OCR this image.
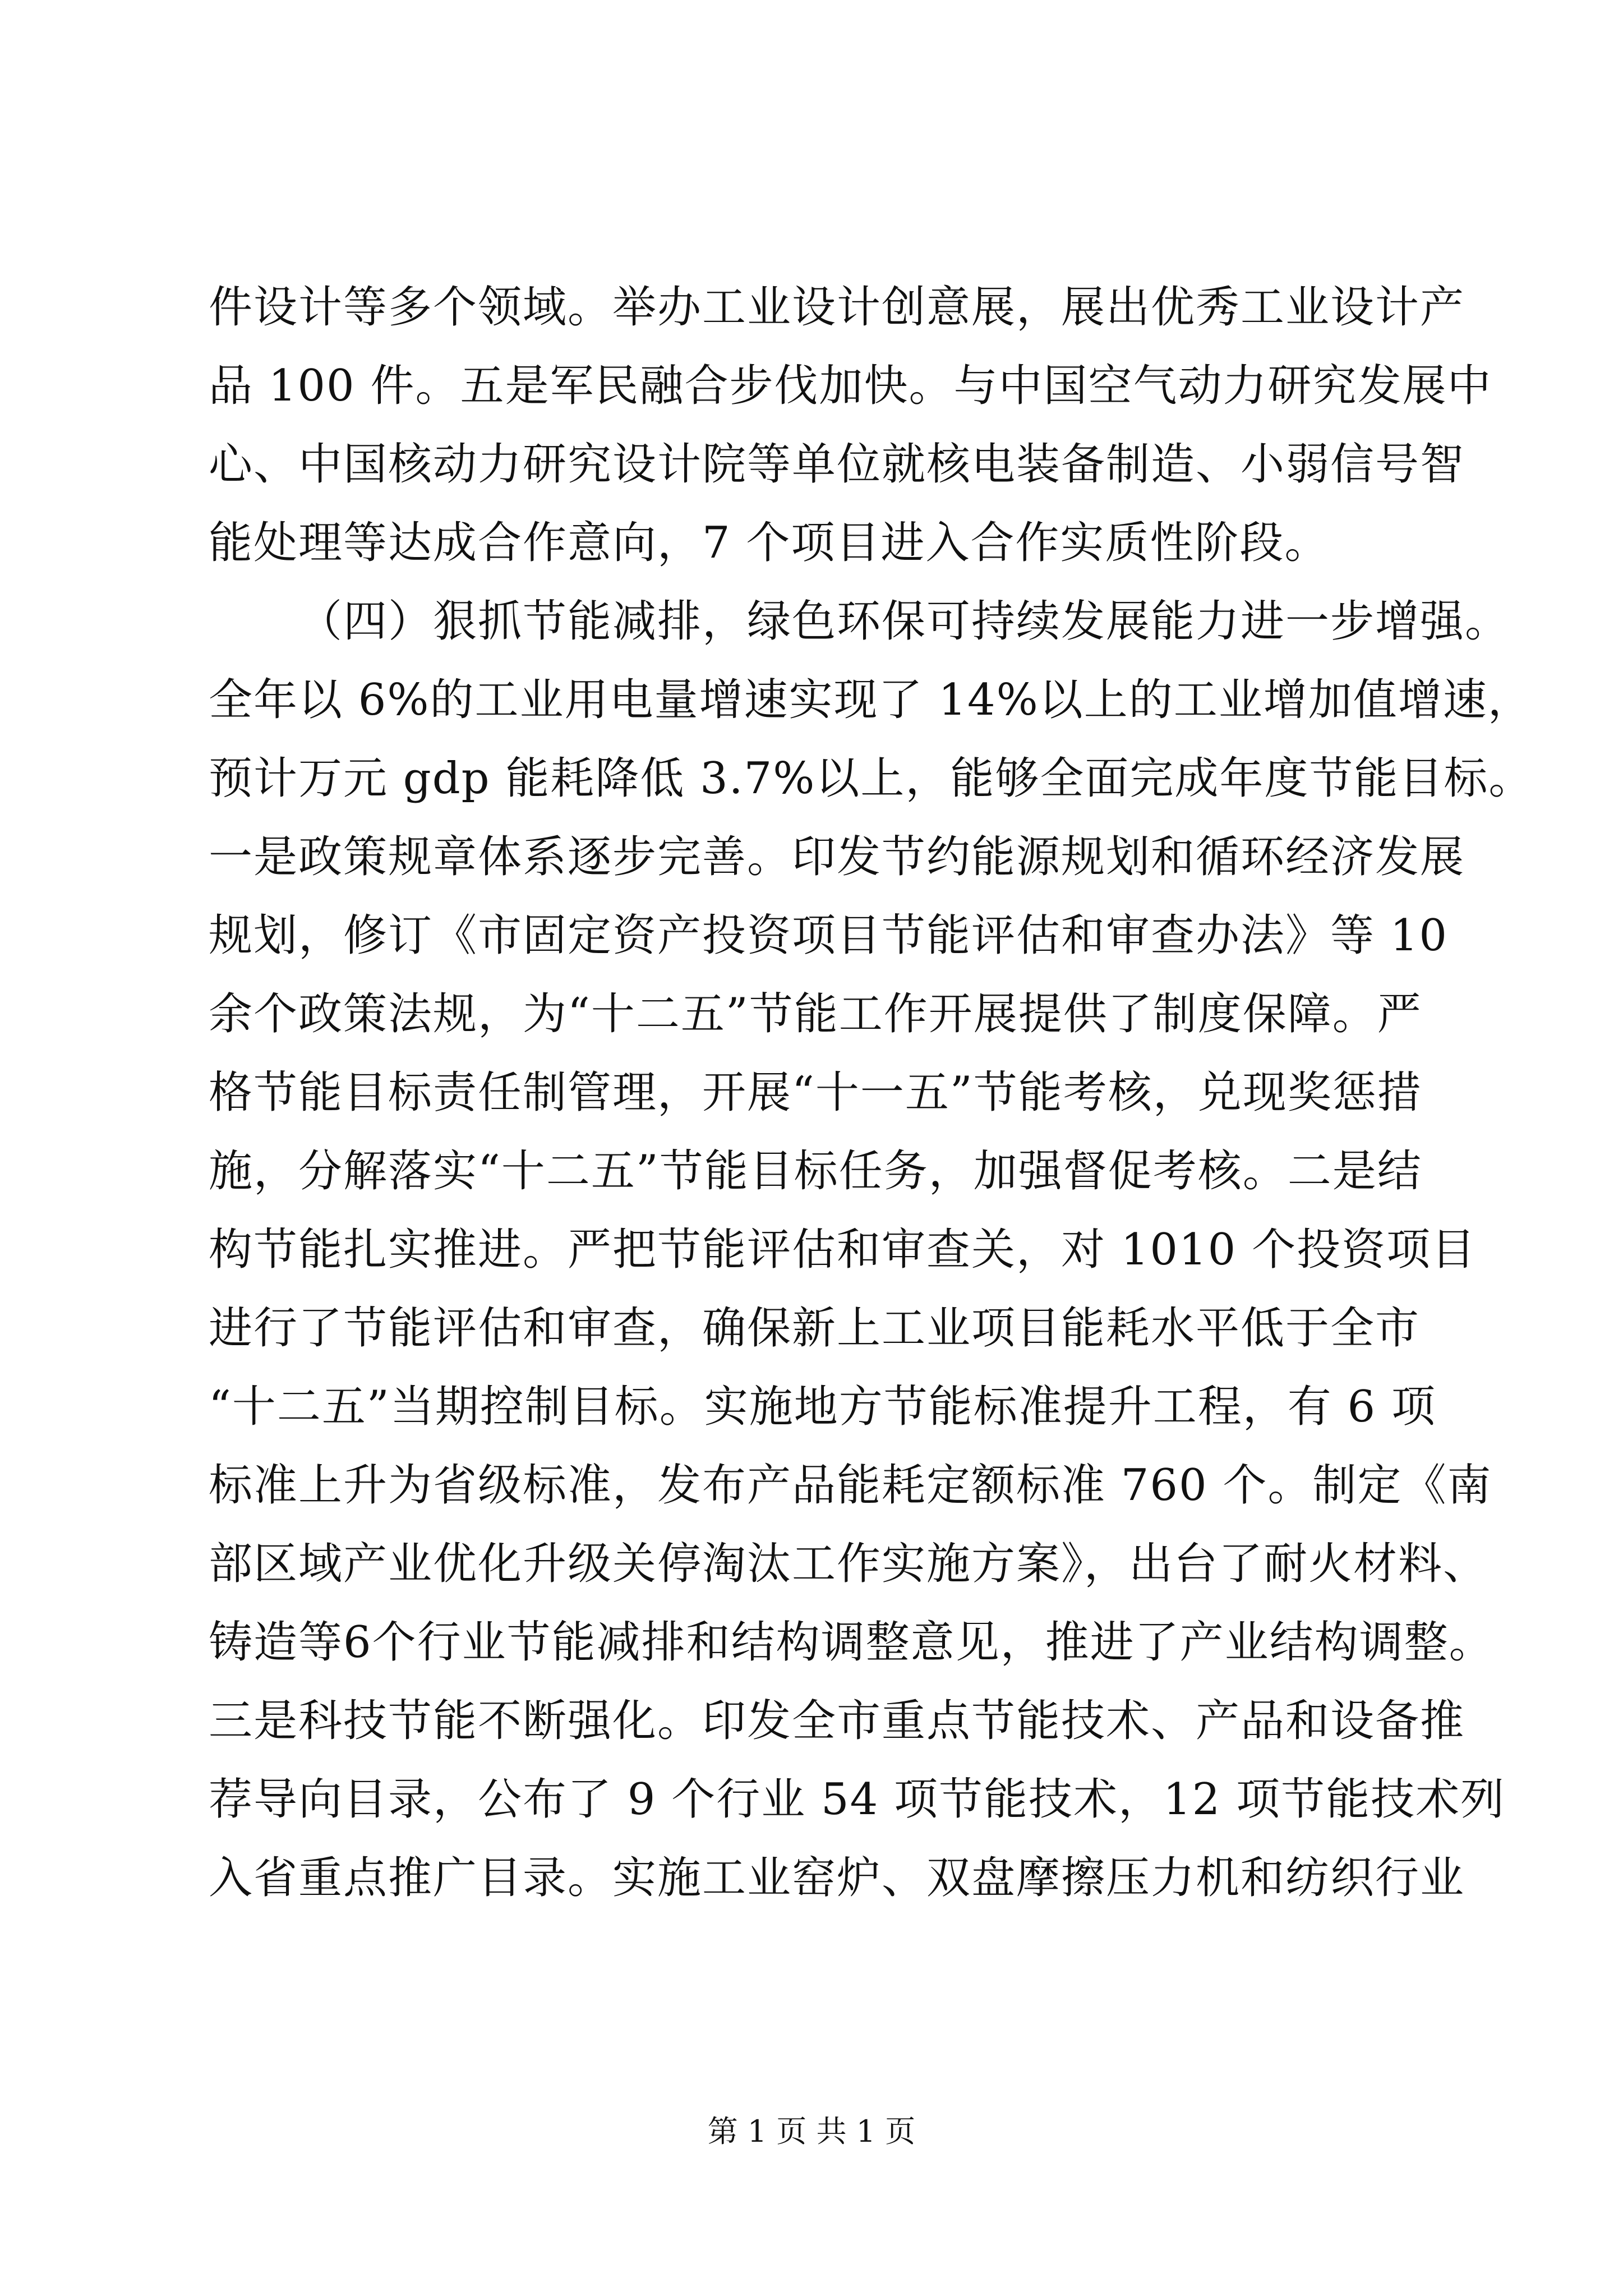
件设计等多个领域。举办工业设计创意展，展出优秀工业设计产
品 100 件。五是军民融合步伐加快。与中国空气动力研究发展中
心、中国核动力研究设计院等单位就核电装备制造、小弱信号智
能处理等达成合作意向，7 个项目进入合作实质性阶段。
（四）狠抓节能减排，绿色环保可持续发展能力进一步增强。
全年以 6%的工业用电量增速实现了 14%以上的工业增加值增速，
预计万元 gdp 能耗降低 3.7%以上，能够全面完成年度节能目标。
一是政策规章体系逐步完善。印发节约能源规划和循环经济发展
规划，修订《市固定资产投资项目节能评估和审查办法》等 10
余个政策法规，为“十二五”节能工作开展提供了制度保障。严
格节能目标责任制管理，开展“十一五”节能考核，兑现奖惩措
施，分解落实“十二五”节能目标任务，加强督促考核。二是结
构节能扎实推进。严把节能评估和审查关，对 1010 个投资项目
进行了节能评估和审查，确保新上工业项目能耗水平低于全市
“十二五”当期控制目标。实施地方节能标准提升工程，有 6 项
标准上升为省级标准，发布产品能耗定额标准 760 个。制定《南
部区域产业优化升级关停淘汰工作实施方案》，出台了耐火材料、
铸造等6个行业节能减排和结构调整意见，推进了产业结构调整。
三是科技节能不断强化。印发全市重点节能技术、产品和设备推
荐导向目录，公布了 9 个行业 54 项节能技术，12 项节能技术列
入省重点推广目录。实施工业窑炉、双盘摩擦压力机和纺织行业
第 1 页 共 1 页
